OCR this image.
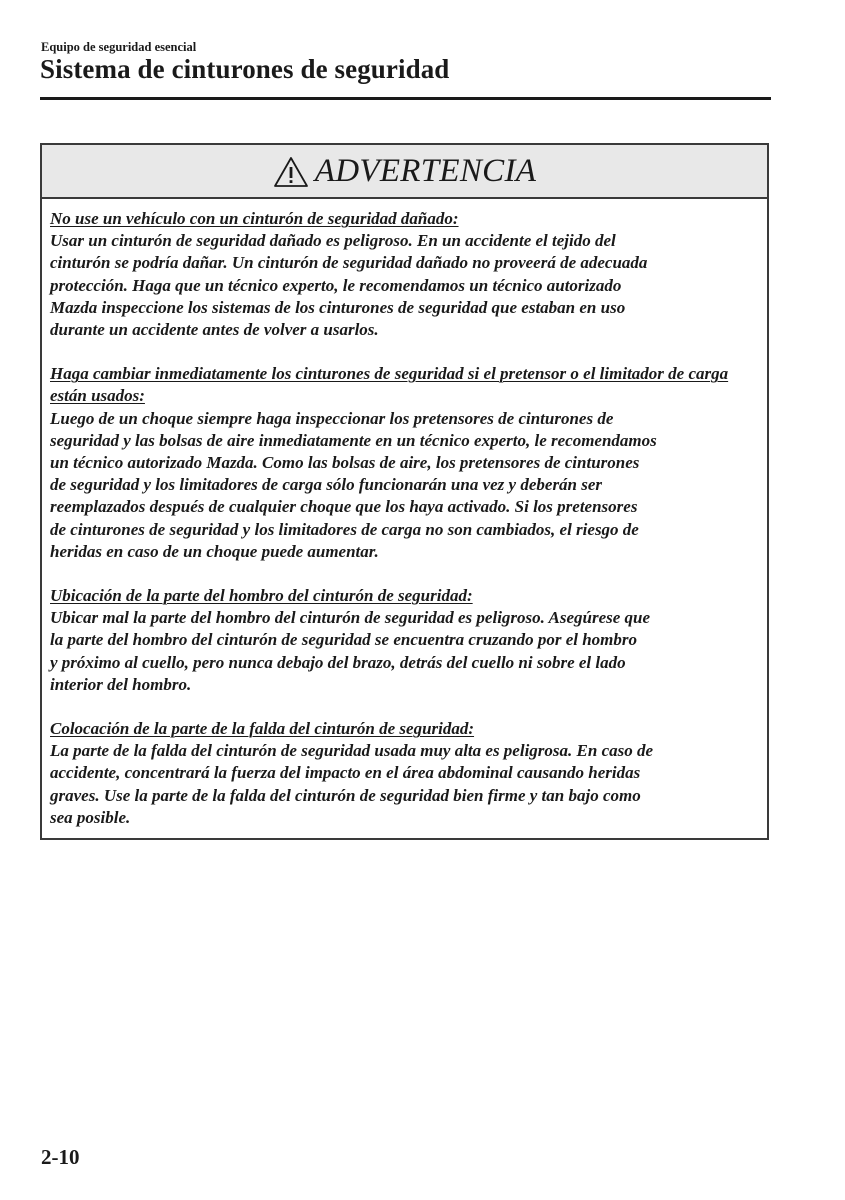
Equipo de seguridad esencial
Sistema de cinturones de seguridad
ADVERTENCIA
No use un vehículo con un cinturón de seguridad dañado:
Usar un cinturón de seguridad dañado es peligroso. En un accidente el tejido del
cinturón se podría dañar. Un cinturón de seguridad dañado no proveerá de adecuada
protección. Haga que un técnico experto, le recomendamos un técnico autorizado
Mazda inspeccione los sistemas de los cinturones de seguridad que estaban en uso
durante un accidente antes de volver a usarlos.
Haga cambiar inmediatamente los cinturones de seguridad si el pretensor o el limitador de carga están usados:
Luego de un choque siempre haga inspeccionar los pretensores de cinturones de
seguridad y las bolsas de aire inmediatamente en un técnico experto, le recomendamos
un técnico autorizado Mazda. Como las bolsas de aire, los pretensores de cinturones
de seguridad y los limitadores de carga sólo funcionarán una vez y deberán ser
reemplazados después de cualquier choque que los haya activado. Si los pretensores
de cinturones de seguridad y los limitadores de carga no son cambiados, el riesgo de
heridas en caso de un choque puede aumentar.
Ubicación de la parte del hombro del cinturón de seguridad:
Ubicar mal la parte del hombro del cinturón de seguridad es peligroso. Asegúrese que
la parte del hombro del cinturón de seguridad se encuentra cruzando por el hombro
y próximo al cuello, pero nunca debajo del brazo, detrás del cuello ni sobre el lado
interior del hombro.
Colocación de la parte de la falda del cinturón de seguridad:
La parte de la falda del cinturón de seguridad usada muy alta es peligrosa. En caso de
accidente, concentrará la fuerza del impacto en el área abdominal causando heridas
graves. Use la parte de la falda del cinturón de seguridad bien firme y tan bajo como
sea posible.
2-10
